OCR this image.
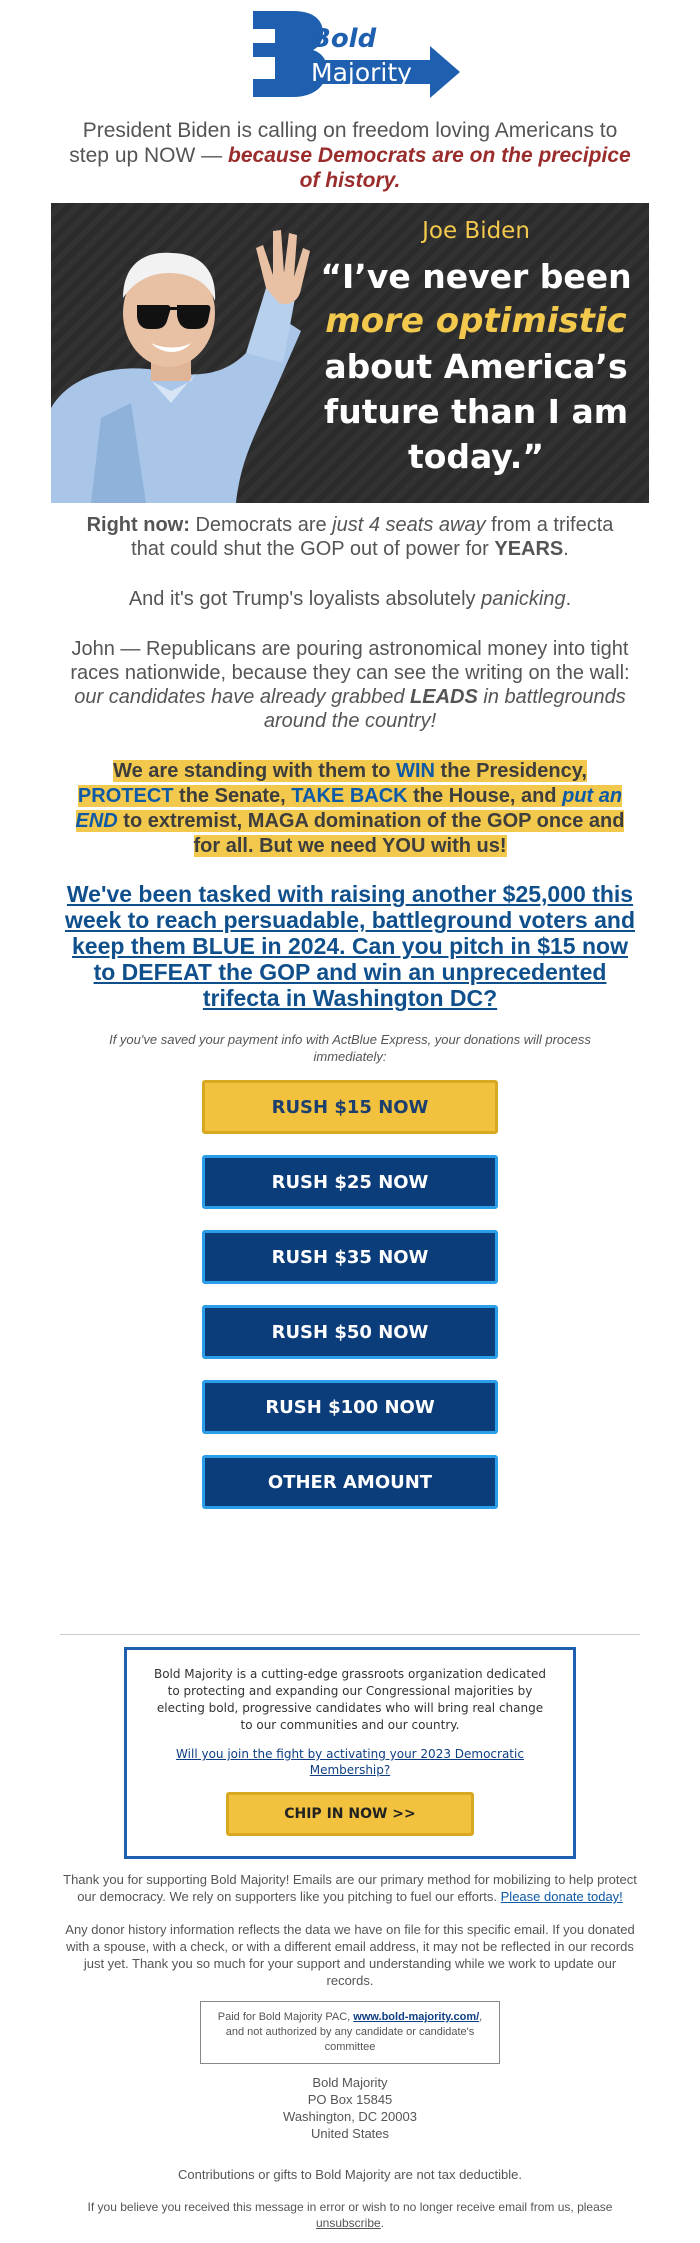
Bold
Majority
President Biden is calling on freedom loving Americans to step up NOW — because Democrats are on the precipice of history.
Joe Biden
“I’ve never been
more optimistic
about America’s
future than I am
today.”
Right now: Democrats are just 4 seats away from a trifecta that could shut the GOP out of power for YEARS.
And it's got Trump's loyalists absolutely panicking.
John — Republicans are pouring astronomical money into tight races nationwide, because they can see the writing on the wall: our candidates have already grabbed LEADS in battlegrounds around the country!
We are standing with them to WIN the Presidency, PROTECT the Senate, TAKE BACK the House, and put an END to extremist, MAGA domination of the GOP once and for all. But we need YOU with us!
We've been tasked with raising another $25,000 this week to reach persuadable, battleground voters and keep them BLUE in 2024. Can you pitch in $15 now to DEFEAT the GOP and win an unprecedented trifecta in Washington DC?
If you've saved your payment info with ActBlue Express, your donations will process immediately:
RUSH $15 NOW
RUSH $25 NOW
RUSH $35 NOW
RUSH $50 NOW
RUSH $100 NOW
OTHER AMOUNT
Bold Majority is a cutting-edge grassroots organization dedicated to protecting and expanding our Congressional majorities by electing bold, progressive candidates who will bring real change to our communities and our country.
Will you join the fight by activating your 2023 Democratic Membership?
CHIP IN NOW >>
Thank you for supporting Bold Majority! Emails are our primary method for mobilizing to help protect our democracy. We rely on supporters like you pitching to fuel our efforts. Please donate today!
Any donor history information reflects the data we have on file for this specific email. If you donated with a spouse, with a check, or with a different email address, it may not be reflected in our records just yet. Thank you so much for your support and understanding while we work to update our records.
Paid for Bold Majority PAC, www.bold-majority.com/, and not authorized by any candidate or candidate's committee
Bold Majority
PO Box 15845
Washington, DC 20003
United States
Contributions or gifts to Bold Majority are not tax deductible.
If you believe you received this message in error or wish to no longer receive email from us, please unsubscribe.
